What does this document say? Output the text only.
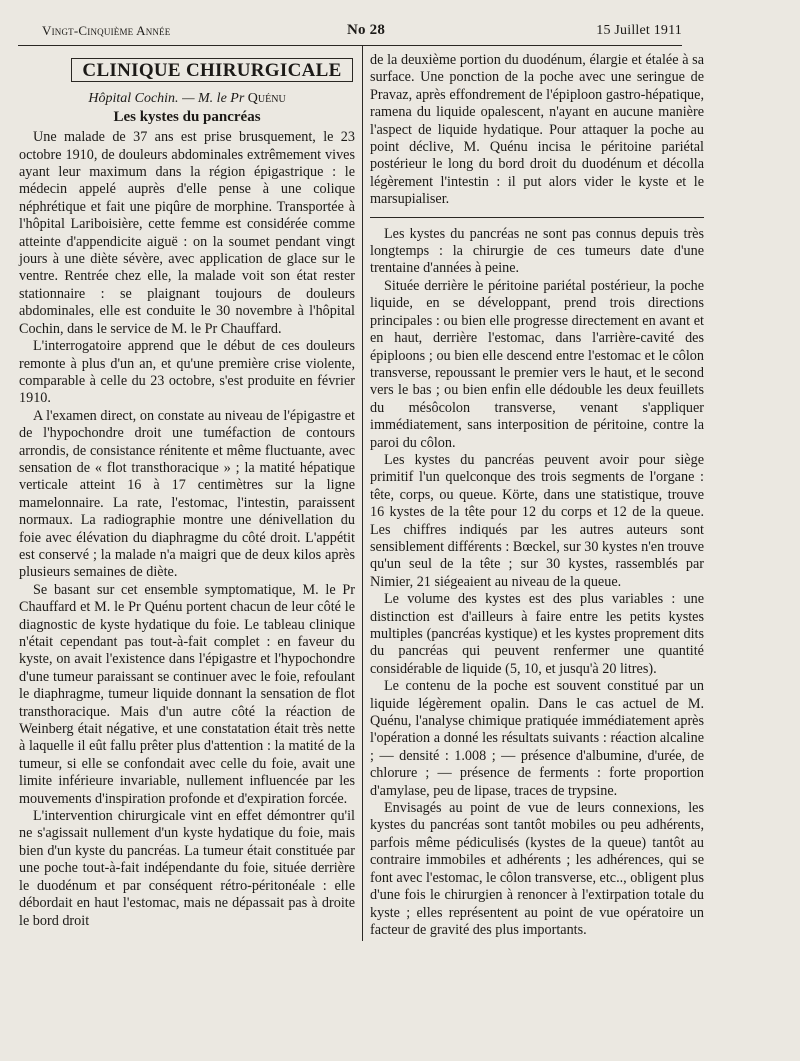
Vingt-Cinquième Année	No 28	15 Juillet 1911
CLINIQUE CHIRURGICALE
Hôpital Cochin. — M. le Pr Quénu
Les kystes du pancréas

Une malade de 37 ans est prise brusquement, le 23 octobre 1910, de douleurs abdominales extrêmement vives ayant leur maximum dans la région épigastrique : le médecin appelé auprès d'elle pense à une colique néphrétique et fait une piqûre de morphine. Transportée à l'hôpital Lariboisière, cette femme est considérée comme atteinte d'appendicite aiguë : on la soumet pendant vingt jours à une diète sévère, avec application de glace sur le ventre. Rentrée chez elle, la malade voit son état rester stationnaire : se plaignant toujours de douleurs abdominales, elle est conduite le 30 novembre à l'hôpital Cochin, dans le service de M. le Pr Chauffard.

L'interrogatoire apprend que le début de ces douleurs remonte à plus d'un an, et qu'une première crise violente, comparable à celle du 23 octobre, s'est produite en février 1910.

A l'examen direct, on constate au niveau de l'épigastre et de l'hypochondre droit une tuméfaction de contours arrondis, de consistance rénitente et même fluctuante, avec sensation de « flot transthoracique » ; la matité hépatique verticale atteint 16 à 17 centimètres sur la ligne mamelonnaire. La rate, l'estomac, l'intestin, paraissent normaux. La radiographie montre une dénivellation du foie avec élévation du diaphragme du côté droit. L'appétit est conservé ; la malade n'a maigri que de deux kilos après plusieurs semaines de diète.

Se basant sur cet ensemble symptomatique, M. le Pr Chauffard et M. le Pr Quénu portent chacun de leur côté le diagnostic de kyste hydatique du foie. Le tableau clinique n'était cependant pas tout-à-fait complet : en faveur du kyste, on avait l'existence dans l'épigastre et l'hypochondre d'une tumeur paraissant se continuer avec le foie, refoulant le diaphragme, tumeur liquide donnant la sensation de flot transthoracique. Mais d'un autre côté la réaction de Weinberg était négative, et une constatation était très nette à laquelle il eût fallu prêter plus d'attention : la matité de la tumeur, si elle se confondait avec celle du foie, avait une limite inférieure invariable, nullement influencée par les mouvements d'inspiration profonde et d'expiration forcée.

L'intervention chirurgicale vint en effet démontrer qu'il ne s'agissait nullement d'un kyste hydatique du foie, mais bien d'un kyste du pancréas. La tumeur était constituée par une poche tout-à-fait indépendante du foie, située derrière le duodénum et par conséquent rétro-péritonéale : elle débordait en haut l'estomac, mais ne dépassait pas à droite le bord droit

de la deuxième portion du duodénum, élargie et étalée à sa surface. Une ponction de la poche avec une seringue de Pravaz, après effondrement de l'épiploon gastro-hépatique, ramena du liquide opalescent, n'ayant en aucune manière l'aspect de liquide hydatique. Pour attaquer la poche au point déclive, M. Quénu incisa le péritoine pariétal postérieur le long du bord droit du duodénum et décolla légèrement l'intestin : il put alors vider le kyste et le marsupialiser.

Les kystes du pancréas ne sont pas connus depuis très longtemps : la chirurgie de ces tumeurs date d'une trentaine d'années à peine.

Située derrière le péritoine pariétal postérieur, la poche liquide, en se développant, prend trois directions principales : ou bien elle progresse directement en avant et en haut, derrière l'estomac, dans l'arrière-cavité des épiploons ; ou bien elle descend entre l'estomac et le côlon transverse, repoussant le premier vers le haut, et le second vers le bas ; ou bien enfin elle dédouble les deux feuillets du mésôcolon transverse, venant s'appliquer immédiatement, sans interposition de péritoine, contre la paroi du côlon.

Les kystes du pancréas peuvent avoir pour siège primitif l'un quelconque des trois segments de l'organe : tête, corps, ou queue. Körte, dans une statistique, trouve 16 kystes de la tête pour 12 du corps et 12 de la queue. Les chiffres indiqués par les autres auteurs sont sensiblement différents : Bœckel, sur 30 kystes n'en trouve qu'un seul de la tête ; sur 30 kystes, rassemblés par Nimier, 21 siégeaient au niveau de la queue.

Le volume des kystes est des plus variables : une distinction est d'ailleurs à faire entre les petits kystes multiples (pancréas kystique) et les kystes proprement dits du pancréas qui peuvent renfermer une quantité considérable de liquide (5, 10, et jusqu'à 20 litres).

Le contenu de la poche est souvent constitué par un liquide légèrement opalin. Dans le cas actuel de M. Quénu, l'analyse chimique pratiquée immédiatement après l'opération a donné les résultats suivants : réaction alcaline ; — densité : 1.008 ; — présence d'albumine, d'urée, de chlorure ; — présence de ferments : forte proportion d'amylase, peu de lipase, traces de trypsine.

Envisagés au point de vue de leurs connexions, les kystes du pancréas sont tantôt mobiles ou peu adhérents, parfois même pédiculisés (kystes de la queue) tantôt au contraire immobiles et adhérents ; les adhérences, qui se font avec l'estomac, le côlon transverse, etc.., obligent plus d'une fois le chirurgien à renoncer à l'extirpation totale du kyste ; elles représentent au point de vue opératoire un facteur de gravité des plus importants.
